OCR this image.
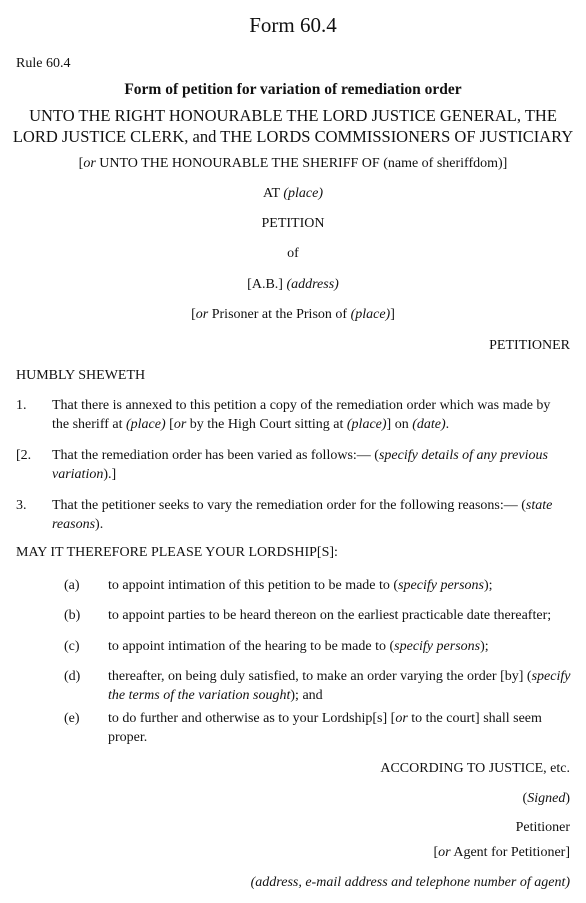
Form 60.4
Rule 60.4
Form of petition for variation of remediation order
UNTO THE RIGHT HONOURABLE THE LORD JUSTICE GENERAL, THE
LORD JUSTICE CLERK, and THE LORDS COMMISSIONERS OF JUSTICIARY
[or UNTO THE HONOURABLE THE SHERIFF OF (name of sheriffdom)]
AT (place)
PETITION
of
[A.B.] (address)
[or Prisoner at the Prison of (place)]
PETITIONER
HUMBLY SHEWETH
1. That there is annexed to this petition a copy of the remediation order which was made by
the sheriff at (place) [or by the High Court sitting at (place)] on (date).
[2. That the remediation order has been varied as follows:— (specify details of any previous
variation).]
3. That the petitioner seeks to vary the remediation order for the following reasons:— (state
reasons).
MAY IT THEREFORE PLEASE YOUR LORDSHIP[S]:
(a) to appoint intimation of this petition to be made to (specify persons);
(b) to appoint parties to be heard thereon on the earliest practicable date thereafter;
(c) to appoint intimation of the hearing to be made to (specify persons);
(d) thereafter, on being duly satisfied, to make an order varying the order [by] (specify
the terms of the variation sought); and
(e) to do further and otherwise as to your Lordship[s] [or to the court] shall seem
proper.
ACCORDING TO JUSTICE, etc.
(Signed)
Petitioner
[or Agent for Petitioner]
(address, e-mail address and telephone number of agent)
